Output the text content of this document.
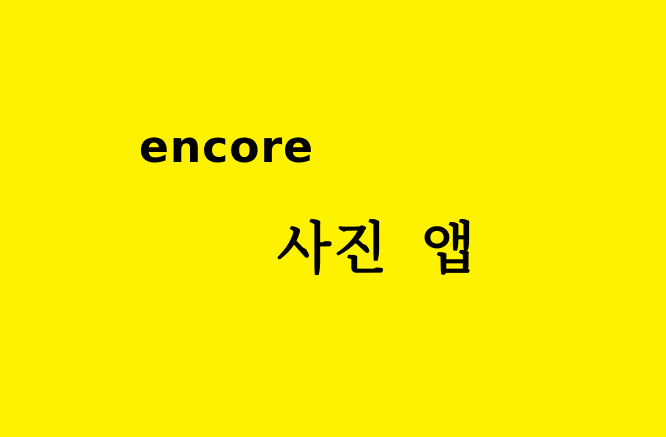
encore

사진 앱
